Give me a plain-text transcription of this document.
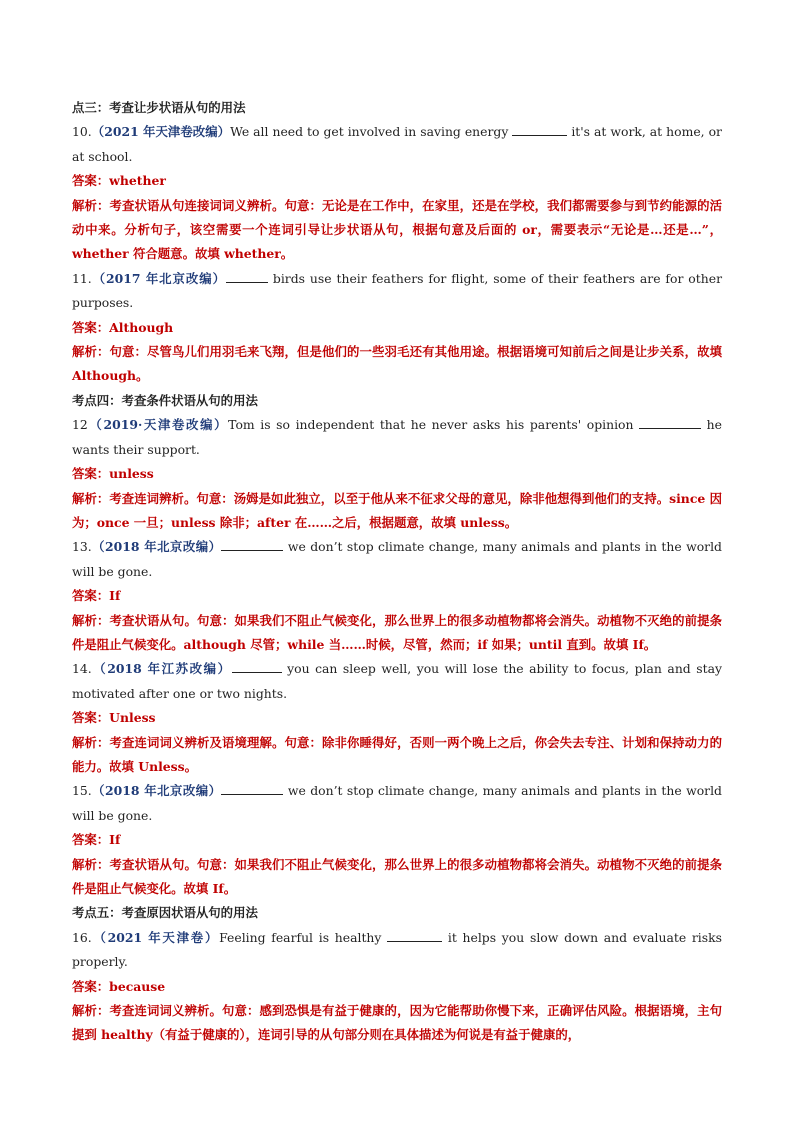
点三：考查让步状语从句的用法

10.（2021 年天津卷改编）We all need to get involved in saving energy	it's at work, at home, or at school.

答案：whether

解析：考查状语从句连接词词义辨析。句意：无论是在工作中，在家里，还是在学校，我们都需要参与到节约能源的活动中来。分析句子，该空需要一个连词引导让步状语从句，根据句意及后面的 or，需要表示“无论是…还是…”，whether 符合题意。故填 whether。

11.（2017 年北京改编）	birds use their feathers for flight, some of their feathers are for other purposes.

答案：Although

解析：句意：尽管鸟儿们用羽毛来飞翔，但是他们的一些羽毛还有其他用途。根据语境可知前后之间是让步关系，故填 Although。

考点四：考查条件状语从句的用法

12（2019·天津卷改编）Tom is so independent that he never asks his parents' opinion	he wants their support.

答案：unless

解析：考查连词辨析。句意：汤姆是如此独立，以至于他从来不征求父母的意见，除非他想得到他们的支持。since 因为；once 一旦；unless 除非；after 在……之后，根据题意，故填 unless。

13.（2018 年北京改编）	we don’t stop climate change, many animals and plants in the world will be gone.

答案：If

解析：考查状语从句。句意：如果我们不阻止气候变化，那么世界上的很多动植物都将会消失。动植物不灭绝的前提条件是阻止气候变化。although 尽管；while 当……时候，尽管，然而；if 如果；until 直到。故填 If。

14.（2018 年江苏改编）	you can sleep well, you will lose the ability to focus, plan and stay motivated after one or two nights.

答案：Unless

解析：考查连词词义辨析及语境理解。句意：除非你睡得好，否则一两个晚上之后，你会失去专注、计划和保持动力的能力。故填 Unless。

15.（2018 年北京改编）	we don’t stop climate change, many animals and plants in the world will be gone.

答案：If

解析：考查状语从句。句意：如果我们不阻止气候变化，那么世界上的很多动植物都将会消失。动植物不灭绝的前提条件是阻止气候变化。故填 If。

考点五：考查原因状语从句的用法

16.（2021 年天津卷）Feeling fearful is healthy	it helps you slow down and evaluate risks properly.

答案：because

解析：考查连词词义辨析。句意：感到恐惧是有益于健康的，因为它能帮助你慢下来，正确评估风险。根据语境，主句提到 healthy（有益于健康的），连词引导的从句部分则在具体描述为何说是有益于健康的，
